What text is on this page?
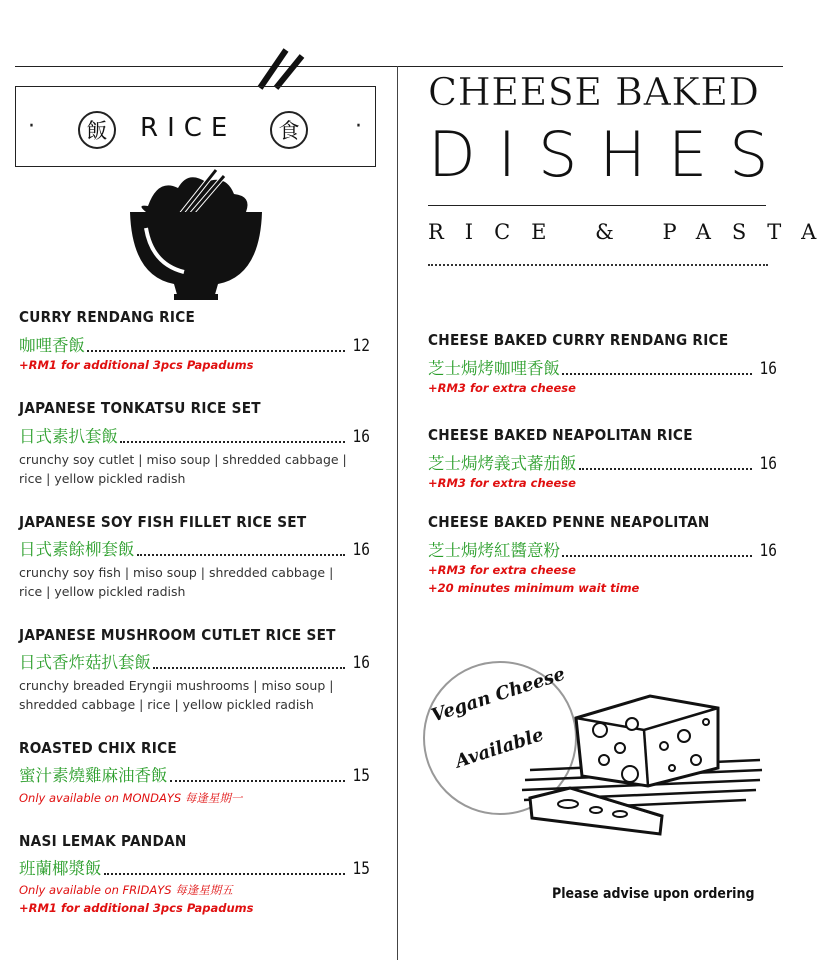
·	·
飯	RICE	食
CURRY RENDANG RICE
咖哩香飯	12
+RM1 for additional 3pcs Papadums
JAPANESE TONKATSU RICE SET
日式素扒套飯	16
crunchy soy cutlet | miso soup | shredded cabbage |
rice | yellow pickled radish
JAPANESE SOY FISH FILLET RICE SET
日式素餘柳套飯	16
crunchy soy fish | miso soup | shredded cabbage |
rice | yellow pickled radish
JAPANESE MUSHROOM CUTLET RICE SET
日式香炸菇扒套飯	16
crunchy breaded Eryngii mushrooms | miso soup |
shredded cabbage | rice | yellow pickled radish
ROASTED CHIX RICE
蜜汁素燒雞麻油香飯	15
Only available on MONDAYS 每逢星期一
NASI LEMAK PANDAN
班蘭椰漿飯	15
Only available on FRIDAYS 每逢星期五
+RM1 for additional 3pcs Papadums
CHEESE BAKED
DISHES
RICE & PASTA
CHEESE BAKED CURRY RENDANG RICE
芝士焗烤咖哩香飯	16
+RM3 for extra cheese
CHEESE BAKED NEAPOLITAN RICE
芝士焗烤義式蕃茄飯	16
+RM3 for extra cheese
CHEESE BAKED PENNE NEAPOLITAN
芝士焗烤紅醬意粉	16
+RM3 for extra cheese
+20 minutes minimum wait time
Vegan Cheese
Available
Please advise upon ordering
